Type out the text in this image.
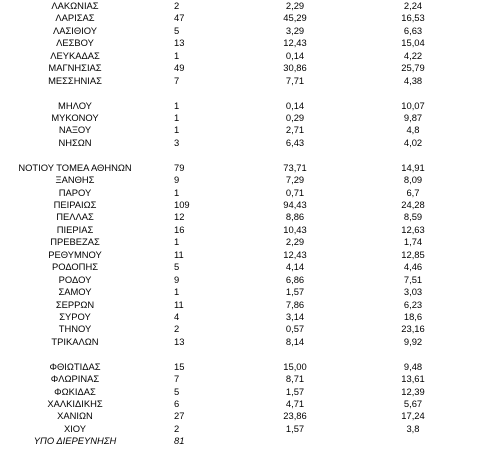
ΛΑΚΩΝΙΑΣ	2	2,29	2,24
ΛΑΡΙΣΑΣ	47	45,29	16,53
ΛΑΣΙΘΙΟΥ	5	3,29	6,63
ΛΕΣΒΟΥ	13	12,43	15,04
ΛΕΥΚΑΔΑΣ	1	0,14	4,22
ΜΑΓΝΗΣΙΑΣ	49	30,86	25,79
ΜΕΣΣΗΝΙΑΣ	7	7,71	4,38
ΜΗΛΟΥ	1	0,14	10,07
ΜΥΚΟΝΟΥ	1	0,29	9,87
ΝΑΞΟΥ	1	2,71	4,8
ΝΗΣΩΝ	3	6,43	4,02
ΝΟΤΙΟΥ ΤΟΜΕΑ ΑΘΗΝΩΝ	79	73,71	14,91
ΞΑΝΘΗΣ	9	7,29	8,09
ΠΑΡΟΥ	1	0,71	6,7
ΠΕΙΡΑΙΩΣ	109	94,43	24,28
ΠΕΛΛΑΣ	12	8,86	8,59
ΠΙΕΡΙΑΣ	16	10,43	12,63
ΠΡΕΒΕΖΑΣ	1	2,29	1,74
ΡΕΘΥΜΝΟΥ	11	12,43	12,85
ΡΟΔΟΠΗΣ	5	4,14	4,46
ΡΟΔΟΥ	9	6,86	7,51
ΣΑΜΟΥ	1	1,57	3,03
ΣΕΡΡΩΝ	11	7,86	6,23
ΣΥΡΟΥ	4	3,14	18,6
ΤΗΝΟΥ	2	0,57	23,16
ΤΡΙΚΑΛΩΝ	13	8,14	9,92
ΦΘΙΩΤΙΔΑΣ	15	15,00	9,48
ΦΛΩΡΙΝΑΣ	7	8,71	13,61
ΦΩΚΙΔΑΣ	5	1,57	12,39
ΧΑΛΚΙΔΙΚΗΣ	6	4,71	5,67
ΧΑΝΙΩΝ	27	23,86	17,24
ΧΙΟΥ	2	1,57	3,8
ΥΠΟ ΔΙΕΡΕΥΝΗΣΗ	81
